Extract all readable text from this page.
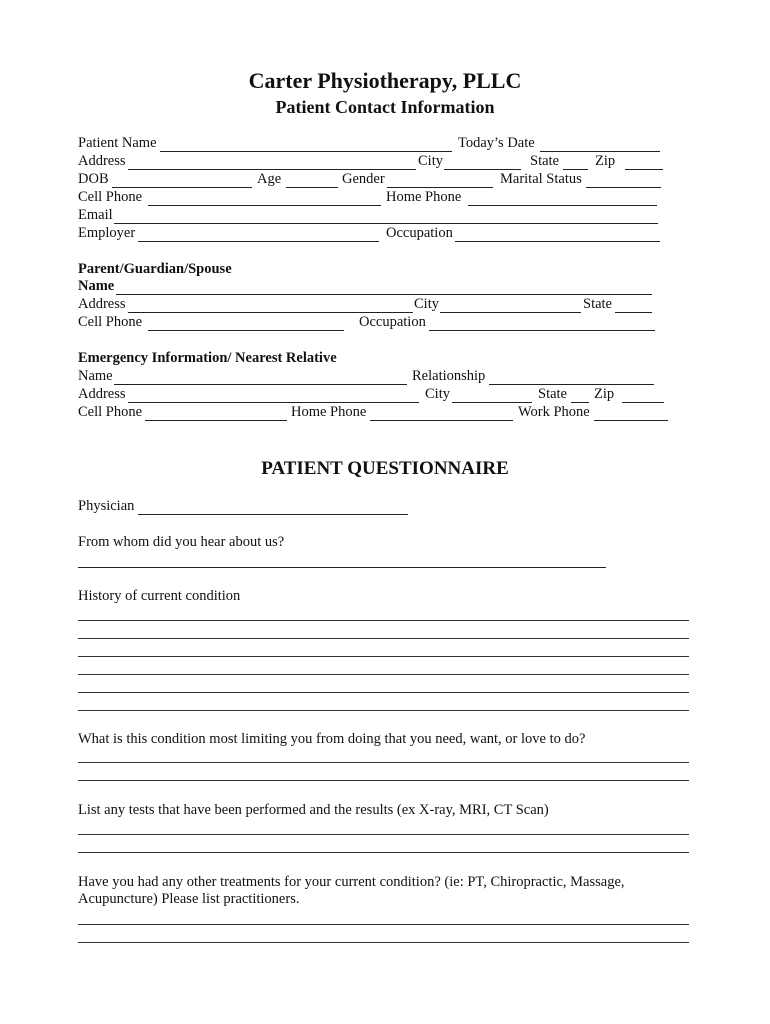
Carter Physiotherapy, PLLC
Patient Contact Information
Patient Name	Today’s Date
Address	City	State Zip
DOB	Age	Gender	Marital Status
Cell Phone	Home Phone
Email
Employer	Occupation
Parent/Guardian/Spouse
Name
Address	City	State
Cell Phone	Occupation
Emergency Information/ Nearest Relative
Name	Relationship
Address	City	State Zip
Cell Phone	Home Phone	Work Phone
PATIENT QUESTIONNAIRE
Physician
From whom did you hear about us?
History of current condition
What is this condition most limiting you from doing that you need, want, or love to do?
List any tests that have been performed and the results (ex X-ray, MRI, CT Scan)
Have you had any other treatments for your current condition? (ie: PT, Chiropractic, Massage,
Acupuncture) Please list practitioners.
